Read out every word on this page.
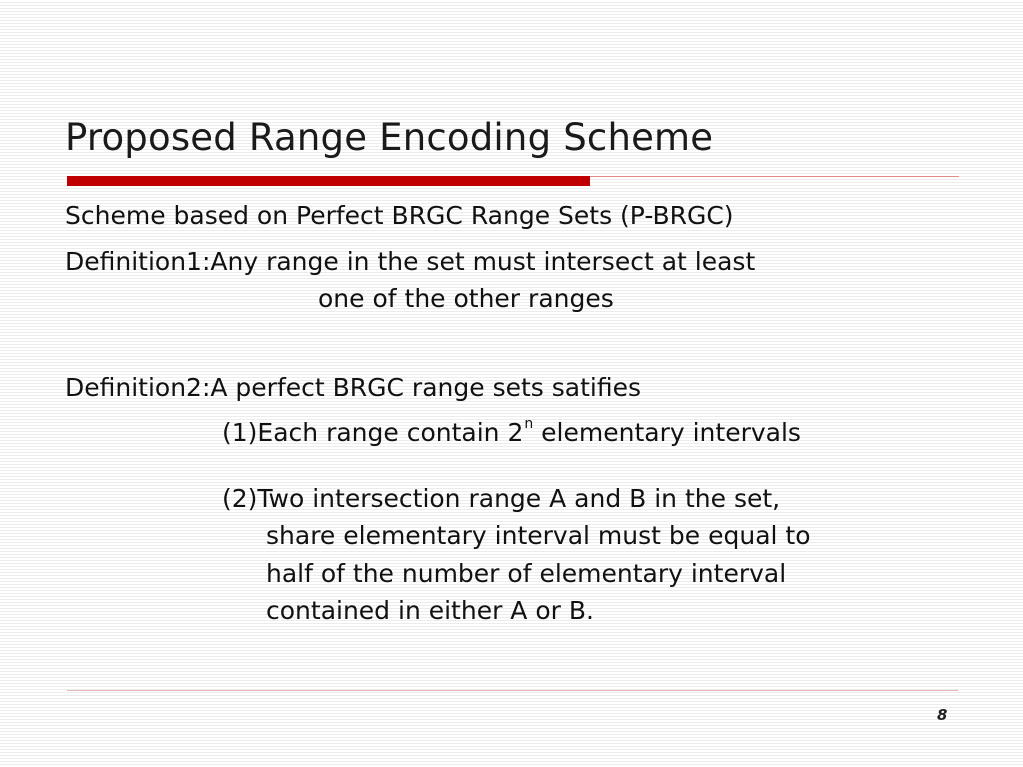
Proposed Range Encoding Scheme
Scheme based on Perfect BRGC Range Sets (P-BRGC)
Definition1:Any range in the set must intersect at least
one of the other ranges
Definition2:A perfect BRGC range sets satifies
(1)Each range contain 2$^n$ elementary intervals
(2)Two intersection range A and B in the set,
share elementary interval must be equal to
half of the number of elementary interval
contained in either A or B.
8
